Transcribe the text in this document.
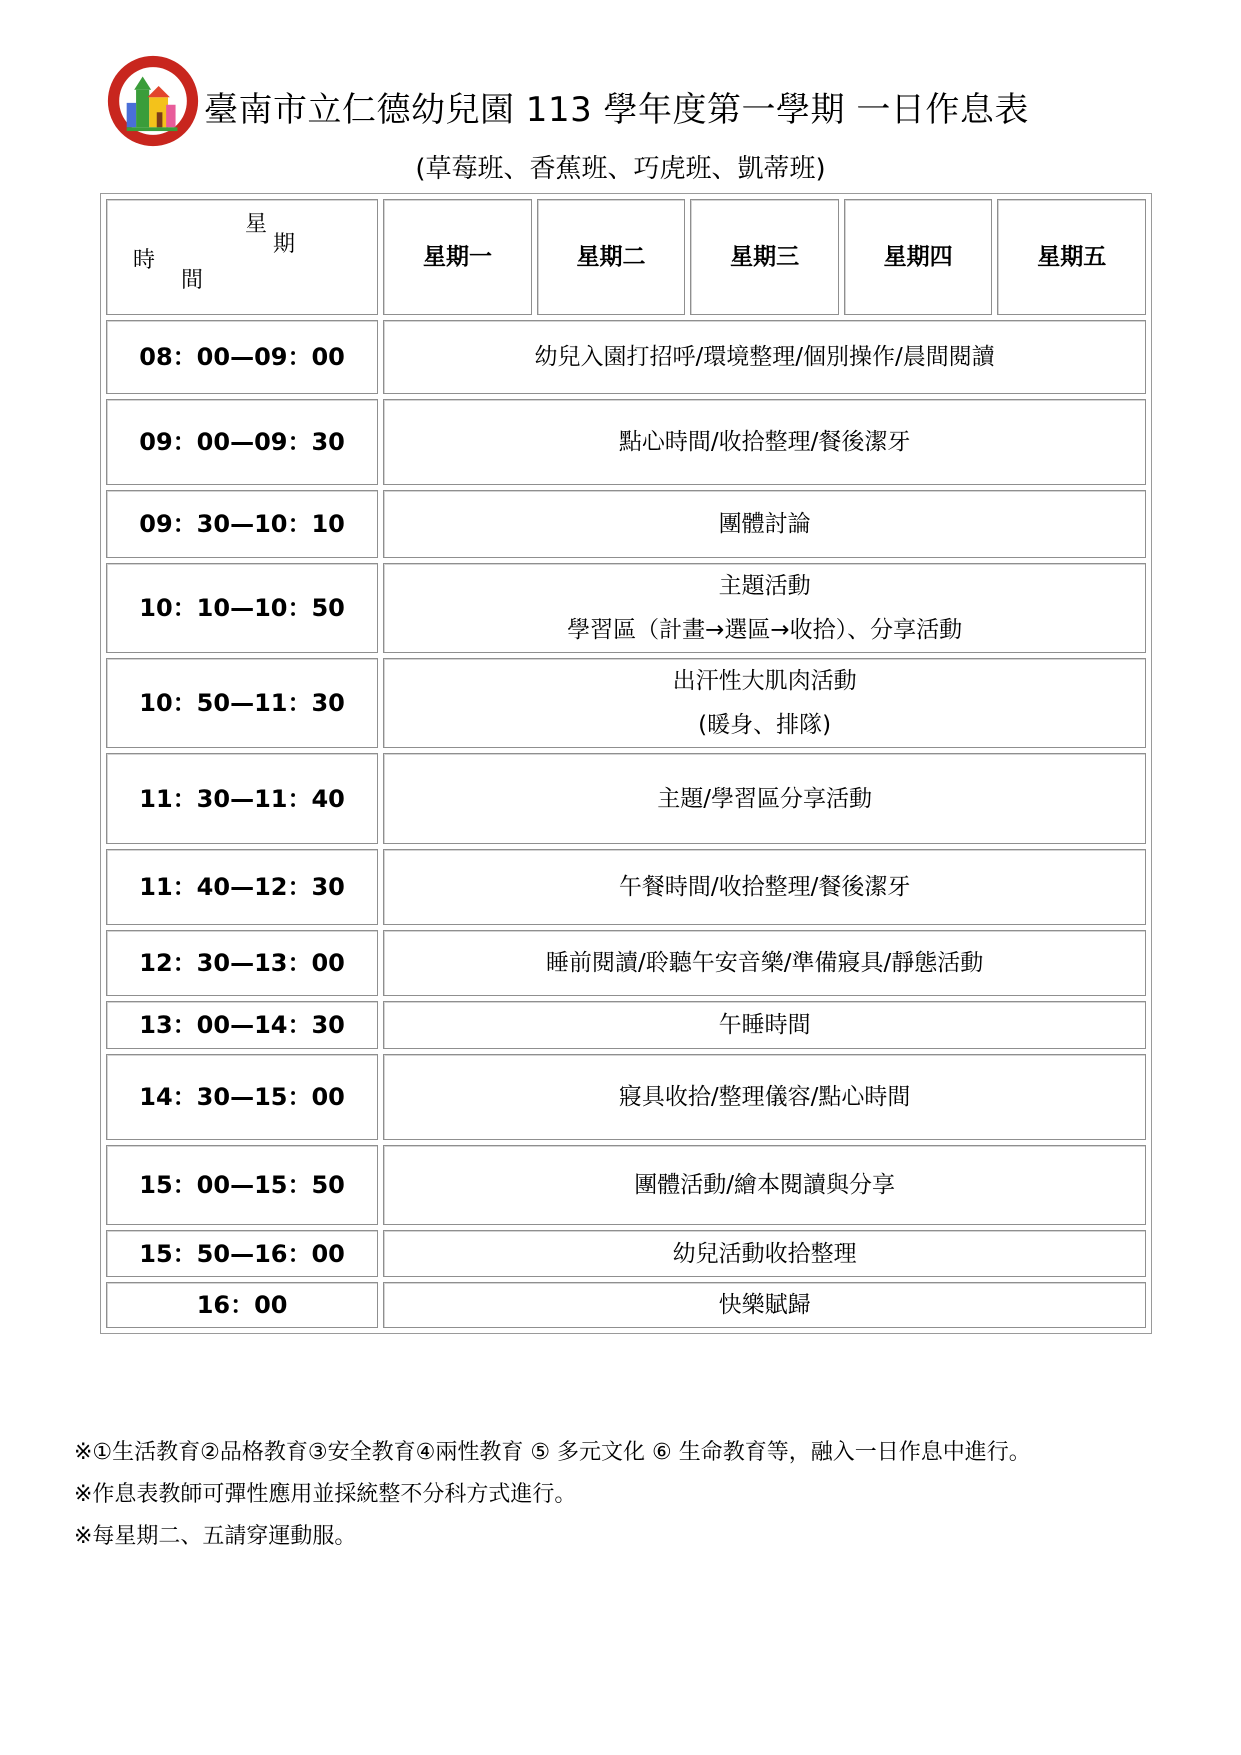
臺南市立仁德幼兒園 113 學年度第一學期 一日作息表
(草莓班、香蕉班、巧虎班、凱蒂班)
星
期
時
間	星期一	星期二	星期三	星期四	星期五
08：00—09：00	幼兒入園打招呼/環境整理/個別操作/晨間閱讀				

09：00—09：30	點心時間/收拾整理/餐後潔牙				

09：30—10：10	團體討論				

10：10—10：50	主題活動
學習區（計畫→選區→收拾）、分享活動				

10：50—11：30	出汗性大肌肉活動
(暖身、排隊)				

11：30—11：40	主題/學習區分享活動				

11：40—12：30	午餐時間/收拾整理/餐後潔牙				

12：30—13：00	睡前閱讀/聆聽午安音樂/準備寢具/靜態活動				

13：00—14：30	午睡時間				

14：30—15：00	寢具收拾/整理儀容/點心時間				

15：00—15：50	團體活動/繪本閱讀與分享				

15：50—16：00	幼兒活動收拾整理				

16：00	快樂賦歸				
※①生活教育②品格教育③安全教育④兩性教育 ⑤ 多元文化 ⑥ 生命教育等，融入一日作息中進行。
※作息表教師可彈性應用並採統整不分科方式進行。
※每星期二、五請穿運動服。
